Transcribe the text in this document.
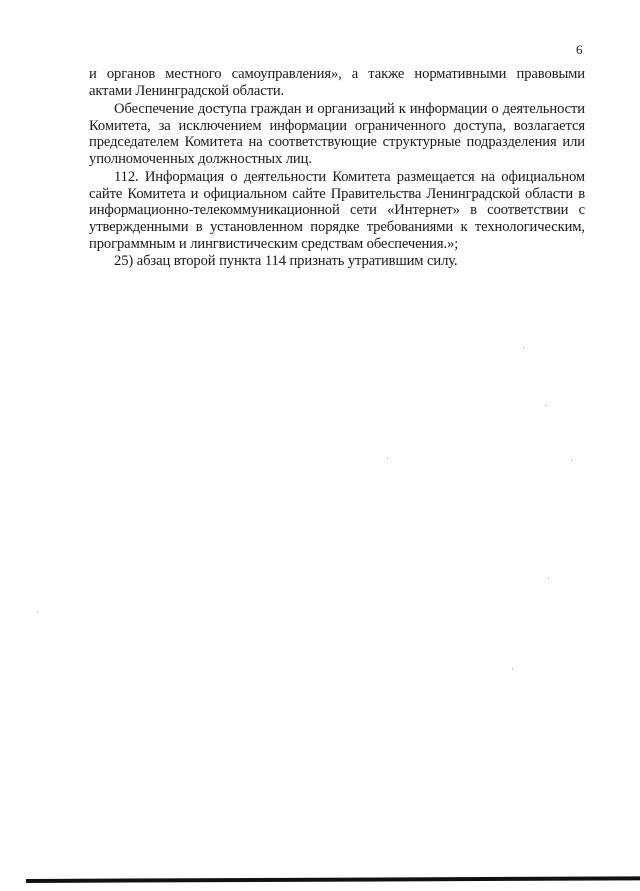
6
и органов местного самоуправления», а также нормативными правовыми
актами Ленинградской области.
Обеспечение доступа граждан и организаций к информации о деятельности
Комитета, за исключением информации ограниченного доступа, возлагается
председателем Комитета на соответствующие структурные подразделения или
уполномоченных должностных лиц.
112. Информация о деятельности Комитета размещается на официальном
сайте Комитета и официальном сайте Правительства Ленинградской области в
информационно-телекоммуникационной сети «Интернет» в соответствии с
утвержденными в установленном порядке требованиями к технологическим,
программным и лингвистическим средствам обеспечения.»;
25) абзац второй пункта 114 признать утратившим силу.
